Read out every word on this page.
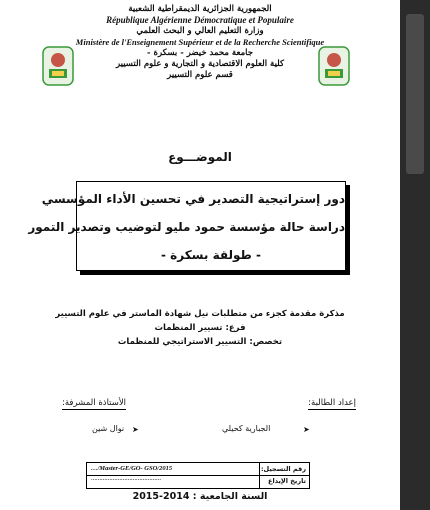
الجمهورية الجزائرية الديمقراطية الشعبية
République Algérienne Démocratique et Populaire
وزارة التعليم العالي و البحث العلمي
Ministère de l'Enseignement Supérieur et de la Recherche Scientifique
جامعة محمد خيضر - بسكرة -
كلية العلوم الاقتصادية و التجارية و علوم التسيير
قسم علوم التسيير
الموضـــوع
دور إستراتيجية التصدير في تحسين الأداء المؤسسي
دراسة حالة مؤسسة حمود مليو لتوضيب وتصدير التمور
- طولقة بسكرة -
مذكرة مقدمة كجزء من متطلبات نيل شهادة الماستر في علوم التسيير
فرع: تسيير المنظمات
تخصص: التسيير الاستراتيجي للمنظمات
إعداد الطالبة:
الأستاذة المشرفة:
➤
الجبارية كحيلي
➤
نوال شين
رقم التسجيل:
…/Master-GE/GO- GSO/2015
تاريخ الإيداع
……………………………………
السنة الجامعية : 2014-2015
